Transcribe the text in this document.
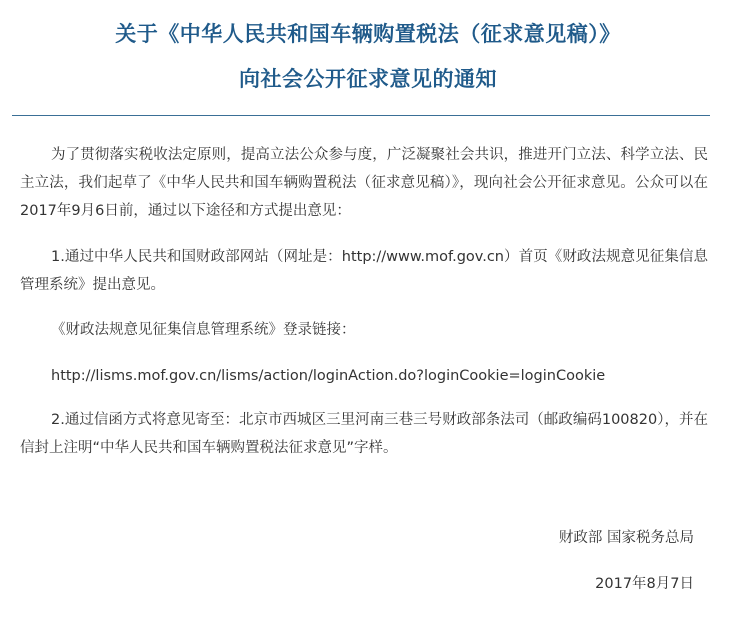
关于《中华人民共和国车辆购置税法（征求意见稿）》
向社会公开征求意见的通知
为了贯彻落实税收法定原则，提高立法公众参与度，广泛凝聚社会共识，推进开门立法、科学立法、民主立法，我们起草了《中华人民共和国车辆购置税法（征求意见稿）》，现向社会公开征求意见。公众可以在2017年9月6日前，通过以下途径和方式提出意见：
1.通过中华人民共和国财政部网站（网址是：http://www.mof.gov.cn）首页《财政法规意见征集信息管理系统》提出意见。
《财政法规意见征集信息管理系统》登录链接：
http://lisms.mof.gov.cn/lisms/action/loginAction.do?loginCookie=loginCookie
2.通过信函方式将意见寄至：北京市西城区三里河南三巷三号财政部条法司（邮政编码100820），并在信封上注明“中华人民共和国车辆购置税法征求意见”字样。
财政部 国家税务总局
2017年8月7日
